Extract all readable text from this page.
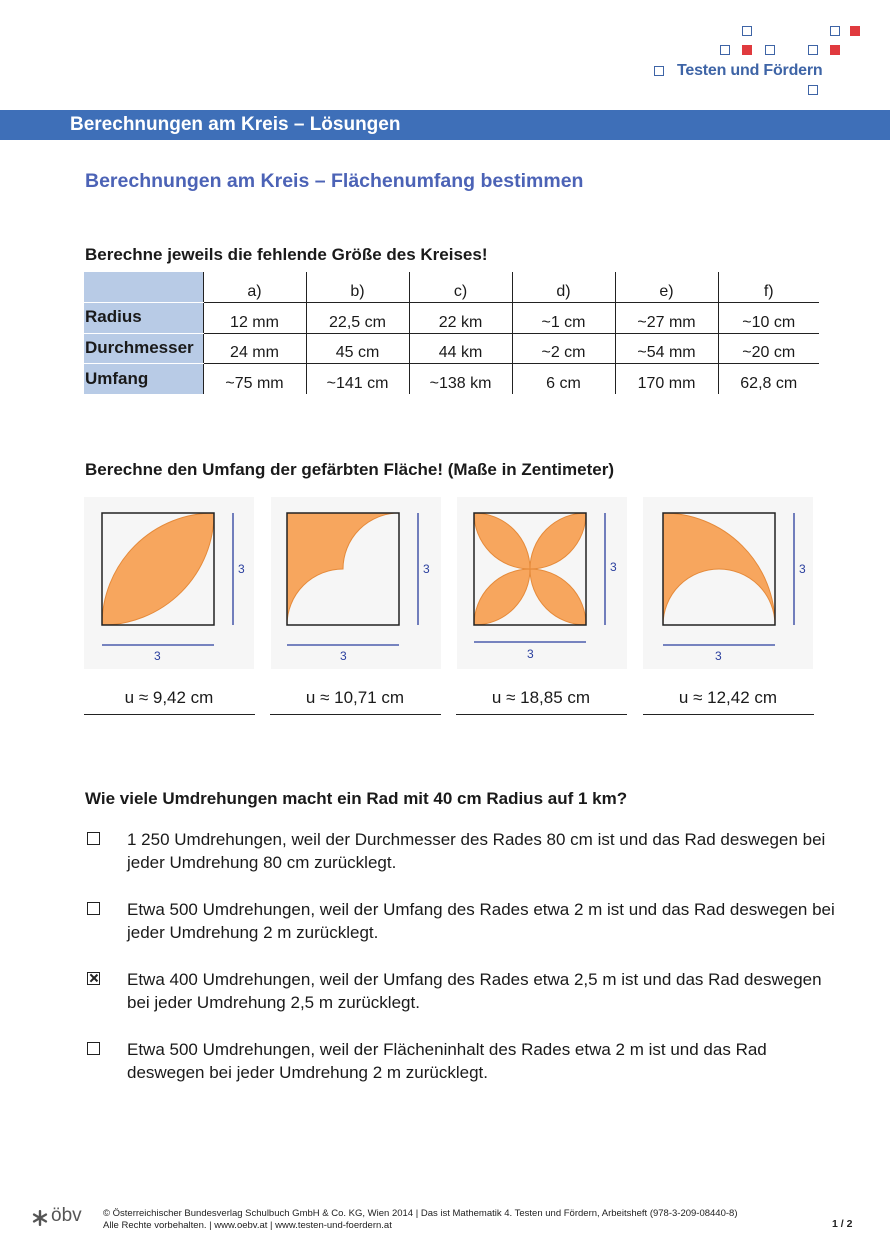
Testen und Fördern
Berechnungen am Kreis – Lösungen
Berechnungen am Kreis – Flächenumfang bestimmen
Berechne jeweils die fehlende Größe des Kreises!
	a)	b)	c)	d)	e)	f)
Radius	12 mm	22,5 cm	22 km	~1 cm	~27 mm	~10 cm
Durchmesser	24 mm	45 cm	44 km	~2 cm	~54 mm	~20 cm
Umfang	~75 mm	~141 cm	~138 km	6 cm	170 mm	62,8 cm
Berechne den Umfang der gefärbten Fläche! (Maße in Zentimeter)
3
3
3
3
3
3
3
3
u ≈ 9,42 cm	u ≈ 10,71 cm	u ≈ 18,85 cm	u ≈ 12,42 cm
Wie viele Umdrehungen macht ein Rad mit 40 cm Radius auf 1 km?
1 250 Umdrehungen, weil der Durchmesser des Rades 80 cm ist und das Rad deswegen bei jeder Umdrehung 80 cm zurücklegt.
Etwa 500 Umdrehungen, weil der Umfang des Rades etwa 2 m ist und das Rad deswegen bei jeder Umdrehung 2 m zurücklegt.
Etwa 400 Umdrehungen, weil der Umfang des Rades etwa 2,5 m ist und das Rad deswegen bei jeder Umdrehung 2,5 m zurücklegt.
Etwa 500 Umdrehungen, weil der Flächeninhalt des Rades etwa 2 m ist und das Rad deswegen bei jeder Umdrehung 2 m zurücklegt.
öbv © Österreichischer Bundesverlag Schulbuch GmbH & Co. KG, Wien 2014 | Das ist Mathematik 4. Testen und Fördern, Arbeitsheft (978-3-209-08440-8)
Alle Rechte vorbehalten. | www.oebv.at | www.testen-und-foerdern.at	1 / 2
